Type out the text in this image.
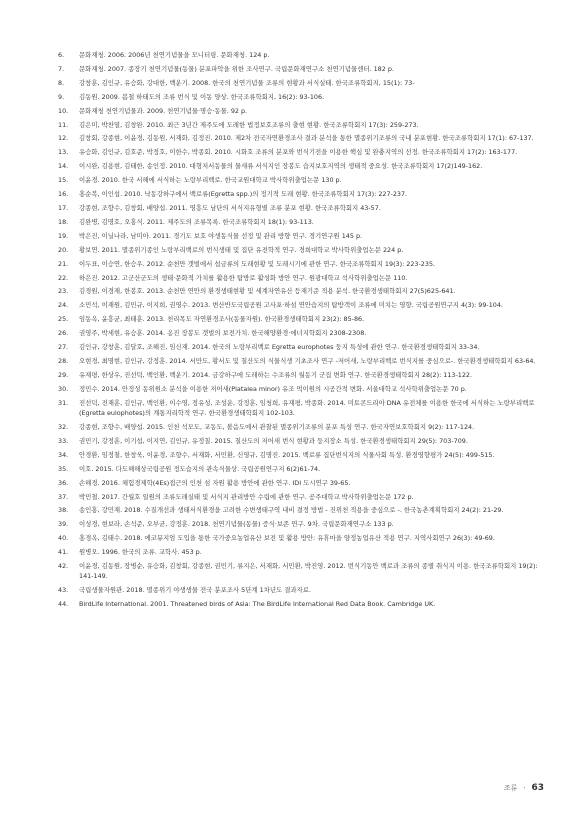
6.	문화재청. 2006. 2006년 천연기념물을 모니터링. 문화재청. 124 p.
7.	문화재청. 2007. 종장기 천연기념물(동물) 분포파악을 위한 조사연구. 국립문화재연구소 천연기념물센터. 182 p.
8.	강창훈, 김인규, 유승화, 강대한, 백운기. 2008. 한국의 천연기념물 조류의 현황과 서식실태. 한국조류학회지, 15(1): 73-
9.	김동원. 2009. 봄철 하태도의 조류 번식 및 이동 양상. 한국조류학회지, 16(2): 93-106.
10.	문화재청 천연기념물과. 2009. 천연기념물·명승·동물. 92 p.
11.	김은미, 박찬열, 김창완. 2010. 최근 3년간 제주도에 도래한 법정보호조류의 출현 현황. 한국조류학회지 17(3): 259-273.
12.	김창회, 강종현, 이윤경, 김동원, 서재화, 김정진. 2010. 제2차 전국자연환경조사 결과 분석을 통한 멸종위기조류의 국내 분포현황. 한국조류학회지 17(1): 67-137.
13.	유승화, 김인규, 김호준, 박정호, 이한수, 박종회. 2010. 시화호 조류의 분포와 번식기전을 이용한 핵심 및 완충지역의 선정. 한국조류학회지 17(2): 163-177.
14.	이시완, 김용현, 김태한, 송인정. 2010. 대형저서동물의 물새류 서식지인 장봉도 습지보호지역의 생태적 중요성. 한국조류학회지 17(2)149-162.
15.	이윤경. 2010. 한국 서해에 서식하는 노랑부리백로. 한국교원대학교 박사학위출업논문 130 p.
16.	홍순복, 이인섭. 2010. 낙동강하구에서 백로류(Egretta spp.)의 정기적 도래 현황. 한국조류학회지 17(3): 227-237.
17.	강종현, 조향수, 김창회, 배양섭. 2011. 영흥도 남단의 서식지유형별 조류 분포 현황. 한국조류학회지 43-57.
18.	김완병, 김명호, 오홍식. 2011. 제주도의 조류목록. 한국조류학회지 18(1): 93-113.
19.	박은진, 이닐나라, 남미아. 2011. 경기도 보호 야생동식물 선정 및 관리 방향 연구. 경기연구원 145 p.
20.	황보연. 2011. 멸종위기종인 노랑부리백로의 번식생태 및 집단 유전학적 연구. 경희대학교 박사학위출업논문 224 p.
21.	이두표, 이승연, 한승우. 2012. 순천만 갯벌에서 섭금류의 도래현황 및 도래시기에 관한 연구. 한국조류학회지 19(3): 223-235.
22.	하은진. 2012. 고군산군도의 생태·문화적 가치를 활용한 탐방로 활성화 방안 연구. 원광대학교 석사학위출업논문 110.
23.	김경원, 이경재, 한봉호. 2013. 순천만 연안의 환경생태현황 및 세계자연유산 등재기준 적용 분석. 한국환경생태학회지 27(5)625-641.
24.	소민석, 이재원, 김민규, 이지희, 권영수. 2013. 변산반도국립공원 고사포·하섬 연안습지의 탐방객이 조류에 미치는 영향. 국립공원연구지 4(3): 99-104.
25.	임동옥, 윤흥균, 최태훈. 2013. 천리목도 자연환경조사(동물자원). 한국환경생태학회지 23(2): 85-86.
26.	권영주, 박세현, 유승훈. 2014. 옹진 장봉도 갯벌의 보전가치. 한국해양환경·에너지학회지 2308-2308.
27.	김인규, 강창훈, 김달호, 조해진, 임신재. 2014. 한국의 노랑부리백로 Egretta europhotes 둥지 특성에 관한 연구. 한국환경생태학회지 33-34.
28.	오현경, 최명현, 김인규, 강정훈. 2014. 서만도, 황서도 및 칠산도의 식물식생 기초조사 연구 -저어새, 노랑부리백로 번식지를 중심으로-. 한국환경생태학회지 63-64.
29.	유재평, 한상우, 진선덕, 백인환, 백운기. 2014. 금강하구에 도래하는 수조류의 월동기 군집 변화 연구. 한국환경생태학회지 28(2): 113-122.
30.	정민수. 2014. 안정성 동위원소 분석을 이용한 저어새(Platalea minor) 유조 먹이원의 시공간적 변화. 서울대학교 석사학위출업논문 70 p.
31.	진선덕, 전재훈, 김인규, 백인환, 이수영, 정유성, 조성운, 강정훈, 임청희, 유재평, 박종화. 2014. 미토콘드리아 DNA 유전체를 이용한 한국에 서식하는 노랑부리백로(Egretta eulophotes)의 계통지리학적 연구. 한국환경생태학회지 102-103.
32.	강종현, 조향수, 배양섭. 2015. 인천 석모도, 교동도, 볼음도에서 관찰된 멸종위기조류의 분포 특성 연구. 한국자연보호학회지 9(2): 117-124.
33.	권민기, 강정훈, 이기섭, 이지연, 김인규, 유정칠. 2015. 칠산도의 저어새 번식 현황과 둥지장소 특성. 한국환경생태학회지 29(5): 703-709.
34.	안경환, 임정철, 한창욱, 이윤경, 조향수, 서재화, 서민환, 신영규, 김명진. 2015. 백로류 집단번식지의 식물사회 특성. 환경영향평가 24(5): 499-515.
35.	이호. 2015. 다도해해상국립공원 정도습지의 관속식물상. 국립공원연구지 6(2)61-74.
36.	손해경. 2016. 체험경제학(4Es)접근의 인천 섬 자원 활용 방안에 관한 연구. IDI 도시연구 39-65.
37.	박민철. 2017. 간월호 일원의 조류도래실태 및 서식지 관리방안 수립에 관한 연구. 공주대학교 박사학위출업논문 172 p.
38.	송인홍, 강민재. 2018. 수질개선과 생태서식환경을 고려한 수변생태구역 내비 결정 방법 - 진위천 적용을 중심으로 -. 한국농촌계획학회지 24(2): 21-29.
39.	이성경, 현보라, 손석준, 오부균, 강정훈. 2018. 천연기념물(동물) 증식·보존 연구. 9차. 국립문화재연구소 133 p.
40.	홍경옥, 김태수. 2018. 에코뮤지엄 도입을 통한 국가중요농업유산 보전 및 활용 방안: 유휴마을 양정농업유산 적용 연구. 지역사회연구 26(3): 49-69.
41.	원병오. 1996. 한국의 조류. 교학사. 453 p.
42.	이윤경, 김동원, 장병순, 유승화, 김창회, 강종현, 권민기, 류지은, 서재화, 서민환, 박진영. 2012. 번식기동안 백로과 조류의 종별 취식지 이용. 한국조류학회지 19(2): 141-149.
43.	국립생물자원관. 2018. 멸종위기 야생생물 전국 분포조사 5단계 1차년도 결과자료.
44.	BirdLife International. 2001. Threatened birds of Asia: The BirdLife International Red Data Book. Cambridge UK.
조류 · 63
